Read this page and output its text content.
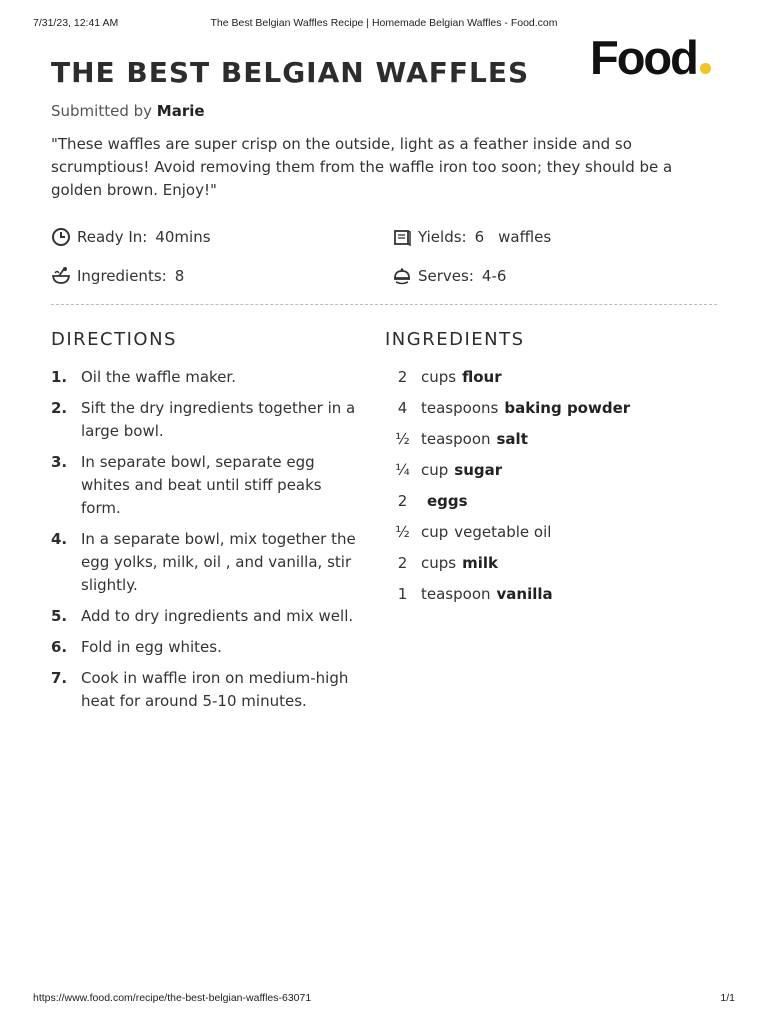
7/31/23, 12:41 AM	The Best Belgian Waffles Recipe | Homemade Belgian Waffles - Food.com
Food
THE BEST BELGIAN WAFFLES
Submitted by Marie
"These waffles are super crisp on the outside, light as a feather inside and so scrumptious! Avoid removing them from the waffle iron too soon; they should be a golden brown. Enjoy!"
Ready In: 40mins	Yields: 6 waffles
Ingredients: 8	Serves: 4-6
DIRECTIONS	INGREDIENTS
1. Oil the waffle maker.
2. Sift the dry ingredients together in a large bowl.
3. In separate bowl, separate egg whites and beat until stiff peaks form.
4. In a separate bowl, mix together the egg yolks, milk, oil , and vanilla, stir slightly.
5. Add to dry ingredients and mix well.
6. Fold in egg whites.
7. Cook in waffle iron on medium-high heat for around 5-10 minutes.
2 cups flour
4 teaspoons baking powder
½ teaspoon salt
¼ cup sugar
2	eggs
½ cup vegetable oil
2 cups milk
1 teaspoon vanilla
https://www.food.com/recipe/the-best-belgian-waffles-63071	1/1
